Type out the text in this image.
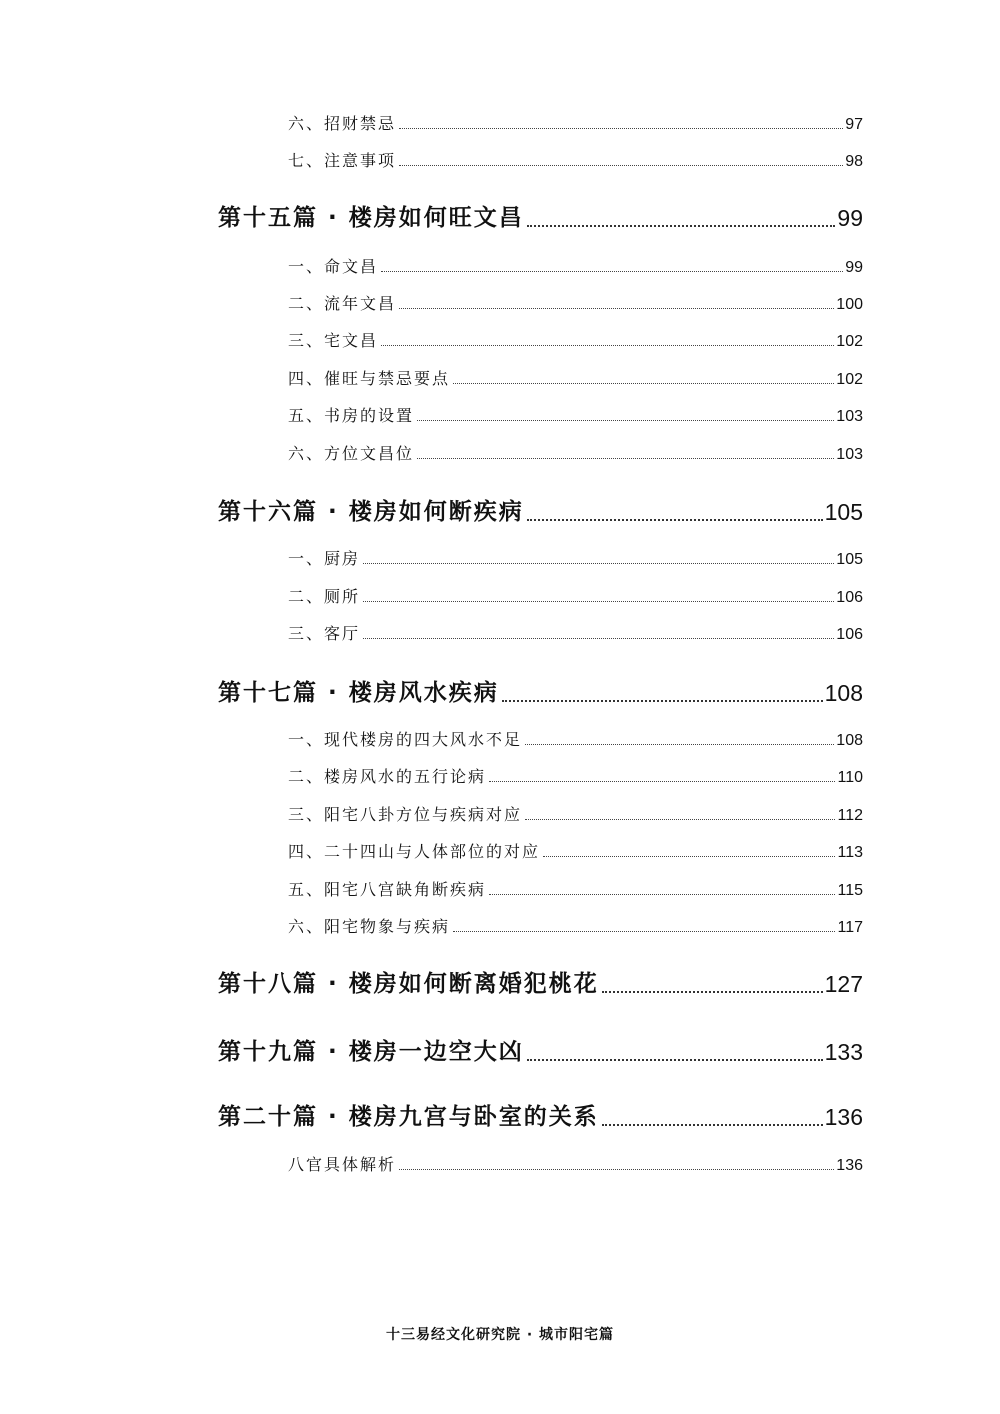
六、招财禁忌	97
七、注意事项	98
第十五篇 · 楼房如何旺文昌	99
一、命文昌	99
二、流年文昌	100
三、宅文昌	102
四、催旺与禁忌要点	102
五、书房的设置	103
六、方位文昌位	103
第十六篇 · 楼房如何断疾病	105
一、厨房	105
二、厕所	106
三、客厅	106
第十七篇 · 楼房风水疾病	108
一、现代楼房的四大风水不足	108
二、楼房风水的五行论病	110
三、阳宅八卦方位与疾病对应	112
四、二十四山与人体部位的对应	113
五、阳宅八宫缺角断疾病	115
六、阳宅物象与疾病	117
第十八篇 · 楼房如何断离婚犯桃花	127
第十九篇 · 楼房一边空大凶	133
第二十篇 · 楼房九宫与卧室的关系	136
八官具体解析	136
十三易经文化研究院 · 城市阳宅篇
